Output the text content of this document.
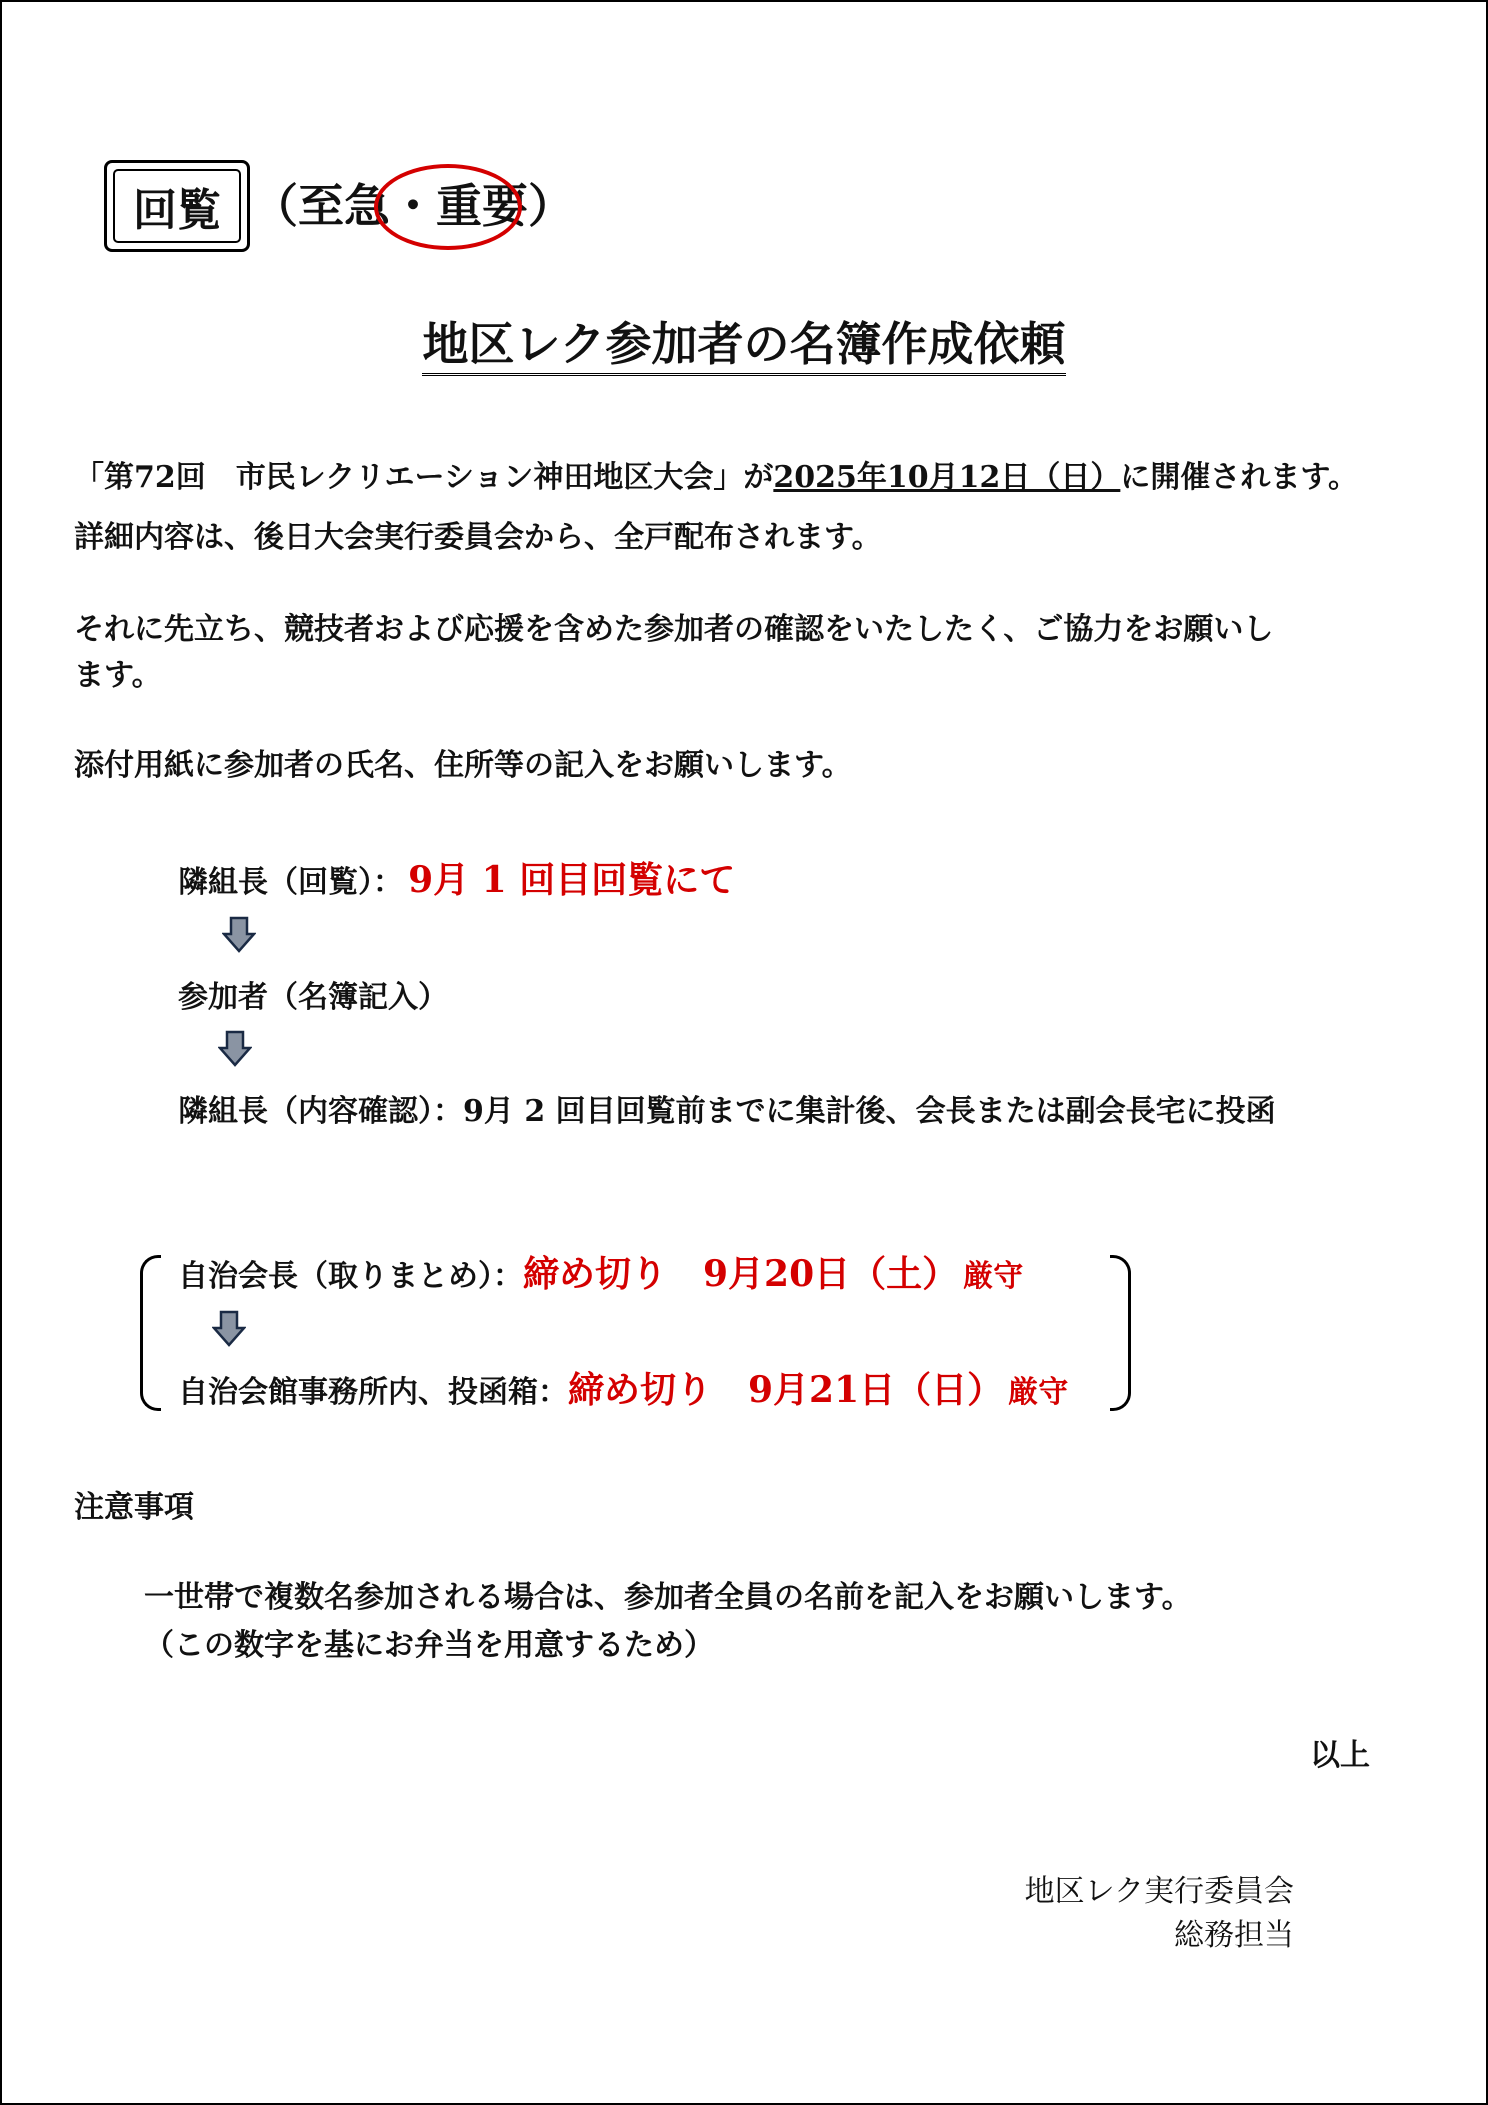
回覧 （至急・重要）
地区レク参加者の名簿作成依頼
「第72回　市民レクリエーション神田地区大会」が2025年10月12日（日）に開催されます。
詳細内容は、後日大会実行委員会から、全戸配布されます。
それに先立ち、競技者および応援を含めた参加者の確認をいたしたく、ご協力をお願いし
ます。
添付用紙に参加者の氏名、住所等の記入をお願いします。
隣組長（回覧）： 9月 1 回目回覧にて
参加者（名簿記入）
隣組長（内容確認）：9月 2 回目回覧前までに集計後、会長または副会長宅に投函
自治会長（取りまとめ）：締め切り　9月20日（土） 厳守
自治会館事務所内、投函箱：締め切り　9月21日（日） 厳守
注意事項
一世帯で複数名参加される場合は、参加者全員の名前を記入をお願いします。
（この数字を基にお弁当を用意するため）
以上
地区レク実行委員会
総務担当
